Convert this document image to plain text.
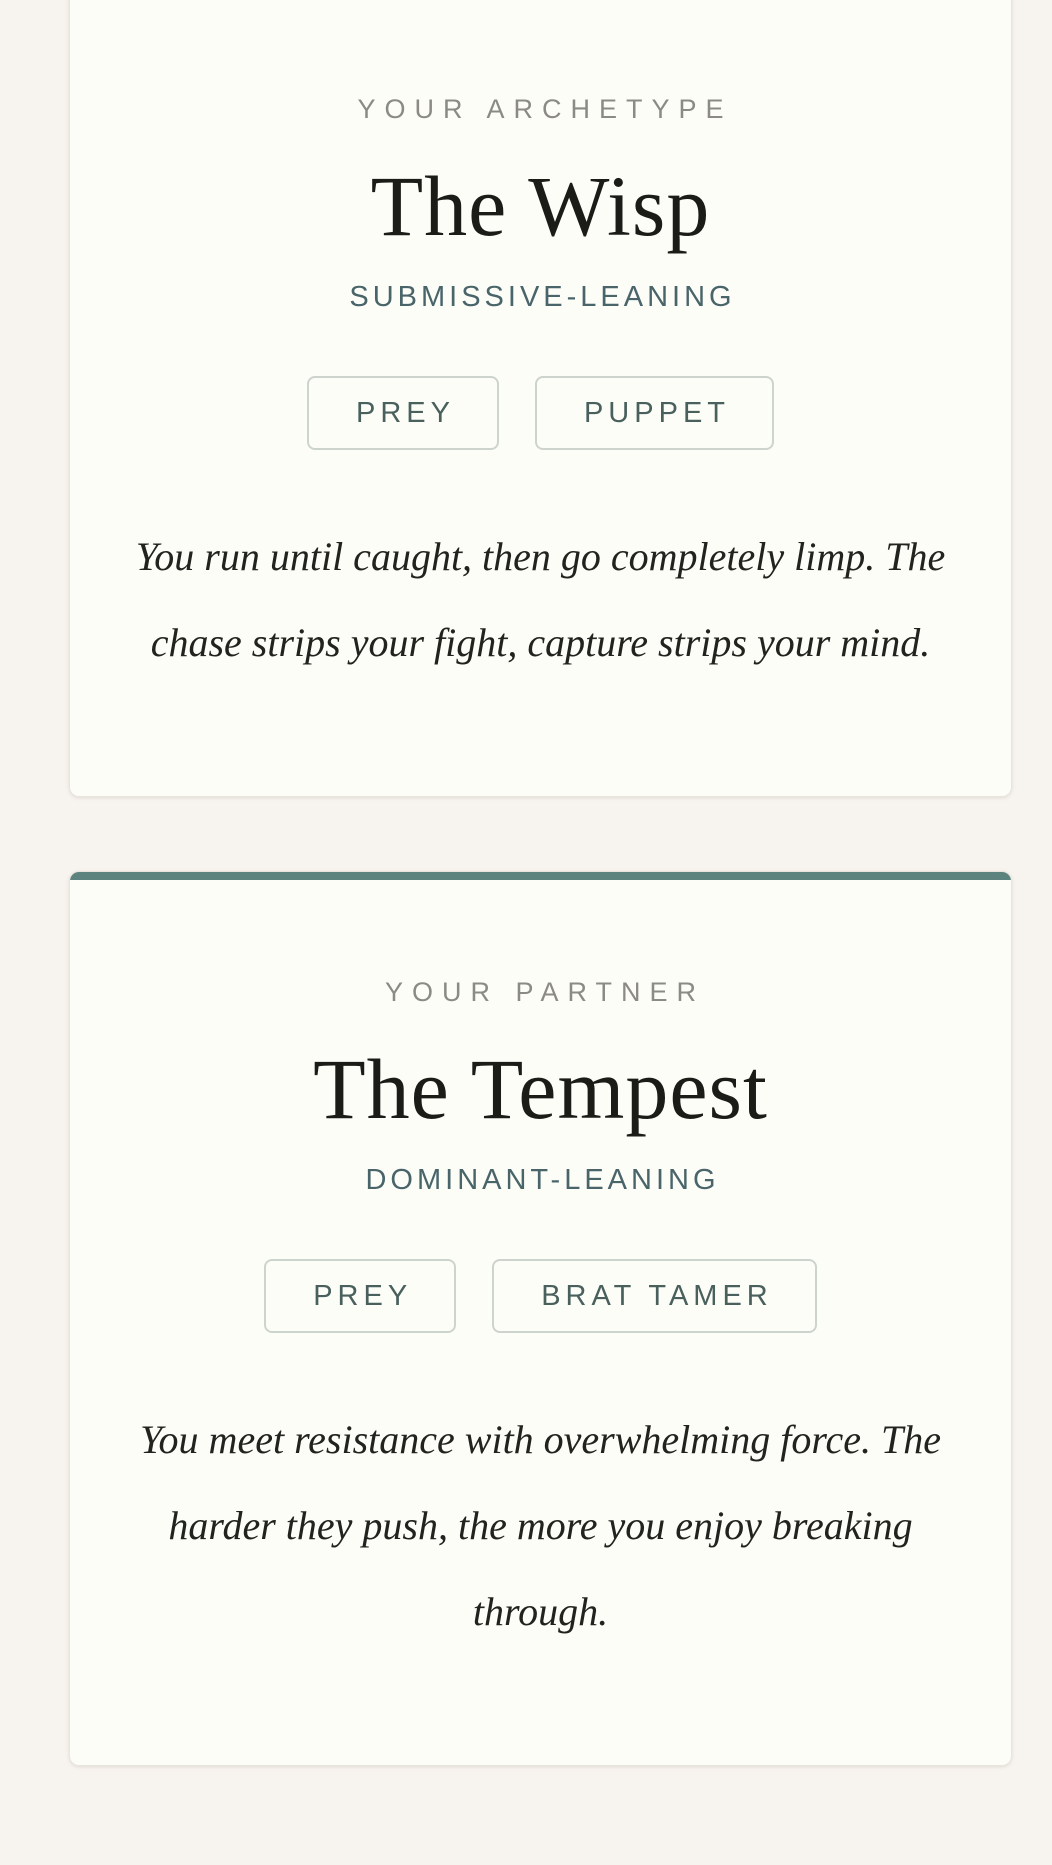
YOUR ARCHETYPE
The Wisp
SUBMISSIVE-LEANING
PREY	PUPPET

You run until caught, then go completely limp. The chase strips your fight, capture strips your mind.

YOUR PARTNER
The Tempest
DOMINANT-LEANING
PREY	BRAT TAMER

You meet resistance with overwhelming force. The harder they push, the more you enjoy breaking through.
